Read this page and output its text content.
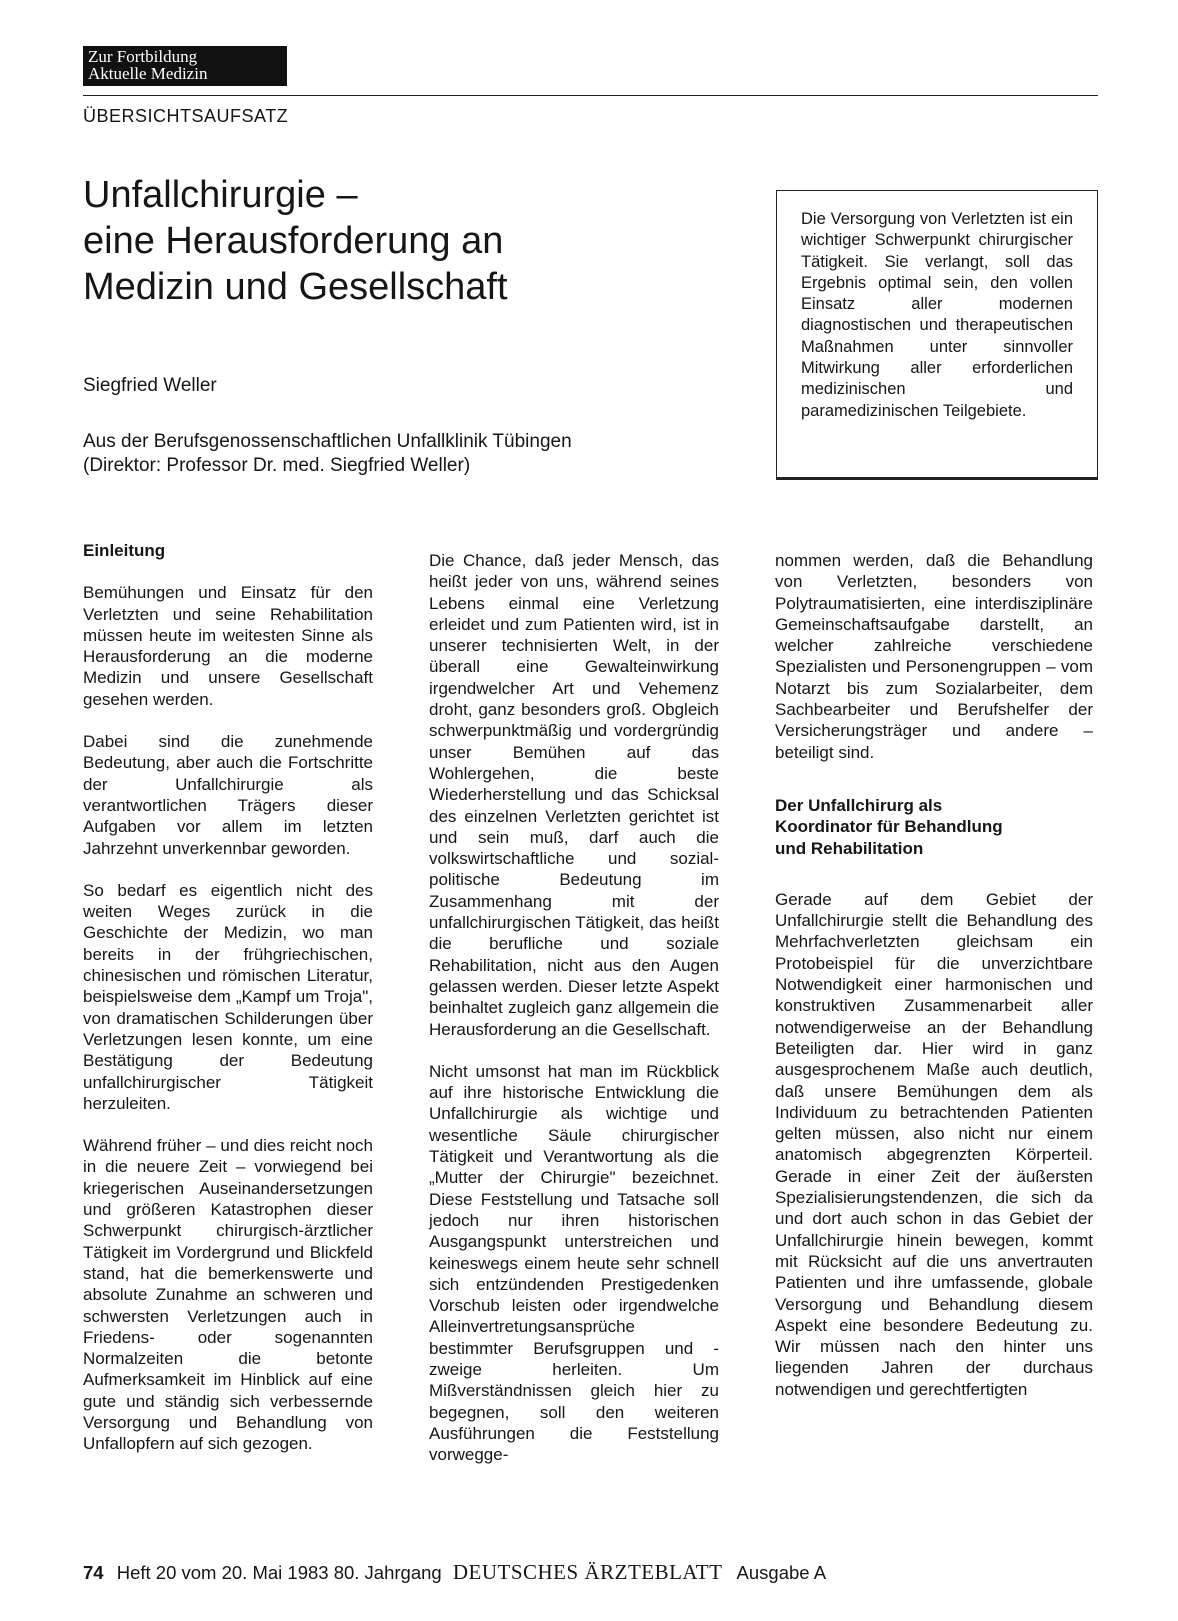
Zur Fortbildung
Aktuelle Medizin
ÜBERSICHTSAUFSATZ
Unfallchirurgie –
eine Herausforderung an
Medizin und Gesellschaft
Siegfried Weller
Aus der Berufsgenossenschaftlichen Unfallklinik Tübingen
(Direktor: Professor Dr. med. Siegfried Weller)
Die Versorgung von Verletzten ist ein wichtiger Schwerpunkt chirurgischer Tätigkeit. Sie verlangt, soll das Ergebnis optimal sein, den vollen Einsatz aller modernen diagnostischen und therapeutischen Maßnahmen unter sinnvoller Mitwirkung aller erforderlichen medizinischen und paramedizinischen Teilgebiete.
Einleitung

Bemühungen und Einsatz für den Verletzten und seine Rehabilitation müssen heute im weitesten Sinne als Herausforderung an die moderne Medizin und unsere Gesellschaft gesehen werden.

Dabei sind die zunehmende Bedeutung, aber auch die Fortschritte der Unfallchirurgie als verantwortlichen Trägers dieser Aufgaben vor allem im letzten Jahrzehnt unverkennbar geworden.

So bedarf es eigentlich nicht des weiten Weges zurück in die Geschichte der Medizin, wo man bereits in der frühgriechischen, chinesischen und römischen Literatur, beispielsweise dem „Kampf um Troja", von dramatischen Schilderungen über Verletzungen lesen konnte, um eine Bestätigung der Bedeutung unfallchirurgischer Tätigkeit herzuleiten.

Während früher – und dies reicht noch in die neuere Zeit – vorwiegend bei kriegerischen Auseinandersetzungen und größeren Katastrophen dieser Schwerpunkt chirurgisch-ärztlicher Tätigkeit im Vordergrund und Blickfeld stand, hat die bemerkenswerte und absolute Zunahme an schweren und schwersten Verletzungen auch in Friedens- oder sogenannten Normalzeiten die betonte Aufmerksamkeit im Hinblick auf eine gute und ständig sich verbessernde Versorgung und Behandlung von Unfallopfern auf sich gezogen.

Die Chance, daß jeder Mensch, das heißt jeder von uns, während seines Lebens einmal eine Verletzung erleidet und zum Patienten wird, ist in unserer technisierten Welt, in der überall eine Gewalteinwirkung irgendwelcher Art und Vehemenz droht, ganz besonders groß. Obgleich schwerpunktmäßig und vordergründig unser Bemühen auf das Wohlergehen, die beste Wiederherstellung und das Schicksal des einzelnen Verletzten gerichtet ist und sein muß, darf auch die volkswirtschaftliche und sozial-politische Bedeutung im Zusammenhang mit der unfallchirurgischen Tätigkeit, das heißt die berufliche und soziale Rehabilitation, nicht aus den Augen gelassen werden. Dieser letzte Aspekt beinhaltet zugleich ganz allgemein die Herausforderung an die Gesellschaft.

Nicht umsonst hat man im Rückblick auf ihre historische Entwicklung die Unfallchirurgie als wichtige und wesentliche Säule chirurgischer Tätigkeit und Verantwortung als die „Mutter der Chirurgie" bezeichnet. Diese Feststellung und Tatsache soll jedoch nur ihren historischen Ausgangspunkt unterstreichen und keineswegs einem heute sehr schnell sich entzündenden Prestigedenken Vorschub leisten oder irgendwelche Alleinvertretungsansprüche bestimmter Berufsgruppen und -zweige herleiten. Um Mißverständnissen gleich hier zu begegnen, soll den weiteren Ausführungen die Feststellung vorwegge-

nommen werden, daß die Behandlung von Verletzten, besonders von Polytraumatisierten, eine interdisziplinäre Gemeinschaftsaufgabe darstellt, an welcher zahlreiche verschiedene Spezialisten und Personengruppen – vom Notarzt bis zum Sozialarbeiter, dem Sachbearbeiter und Berufshelfer der Versicherungsträger und andere – beteiligt sind.

Der Unfallchirurg als
Koordinator für Behandlung
und Rehabilitation

Gerade auf dem Gebiet der Unfallchirurgie stellt die Behandlung des Mehrfachverletzten gleichsam ein Protobeispiel für die unverzichtbare Notwendigkeit einer harmonischen und konstruktiven Zusammenarbeit aller notwendigerweise an der Behandlung Beteiligten dar. Hier wird in ganz ausgesprochenem Maße auch deutlich, daß unsere Bemühungen dem als Individuum zu betrachtenden Patienten gelten müssen, also nicht nur einem anatomisch abgegrenzten Körperteil. Gerade in einer Zeit der äußersten Spezialisierungstendenzen, die sich da und dort auch schon in das Gebiet der Unfallchirurgie hinein bewegen, kommt mit Rücksicht auf die uns anvertrauten Patienten und ihre umfassende, globale Versorgung und Behandlung diesem Aspekt eine besondere Bedeutung zu. Wir müssen nach den hinter uns liegenden Jahren der durchaus notwendigen und gerechtfertigten

74 Heft 20 vom 20. Mai 1983 80. Jahrgang DEUTSCHES ÄRZTEBLATT Ausgabe A
